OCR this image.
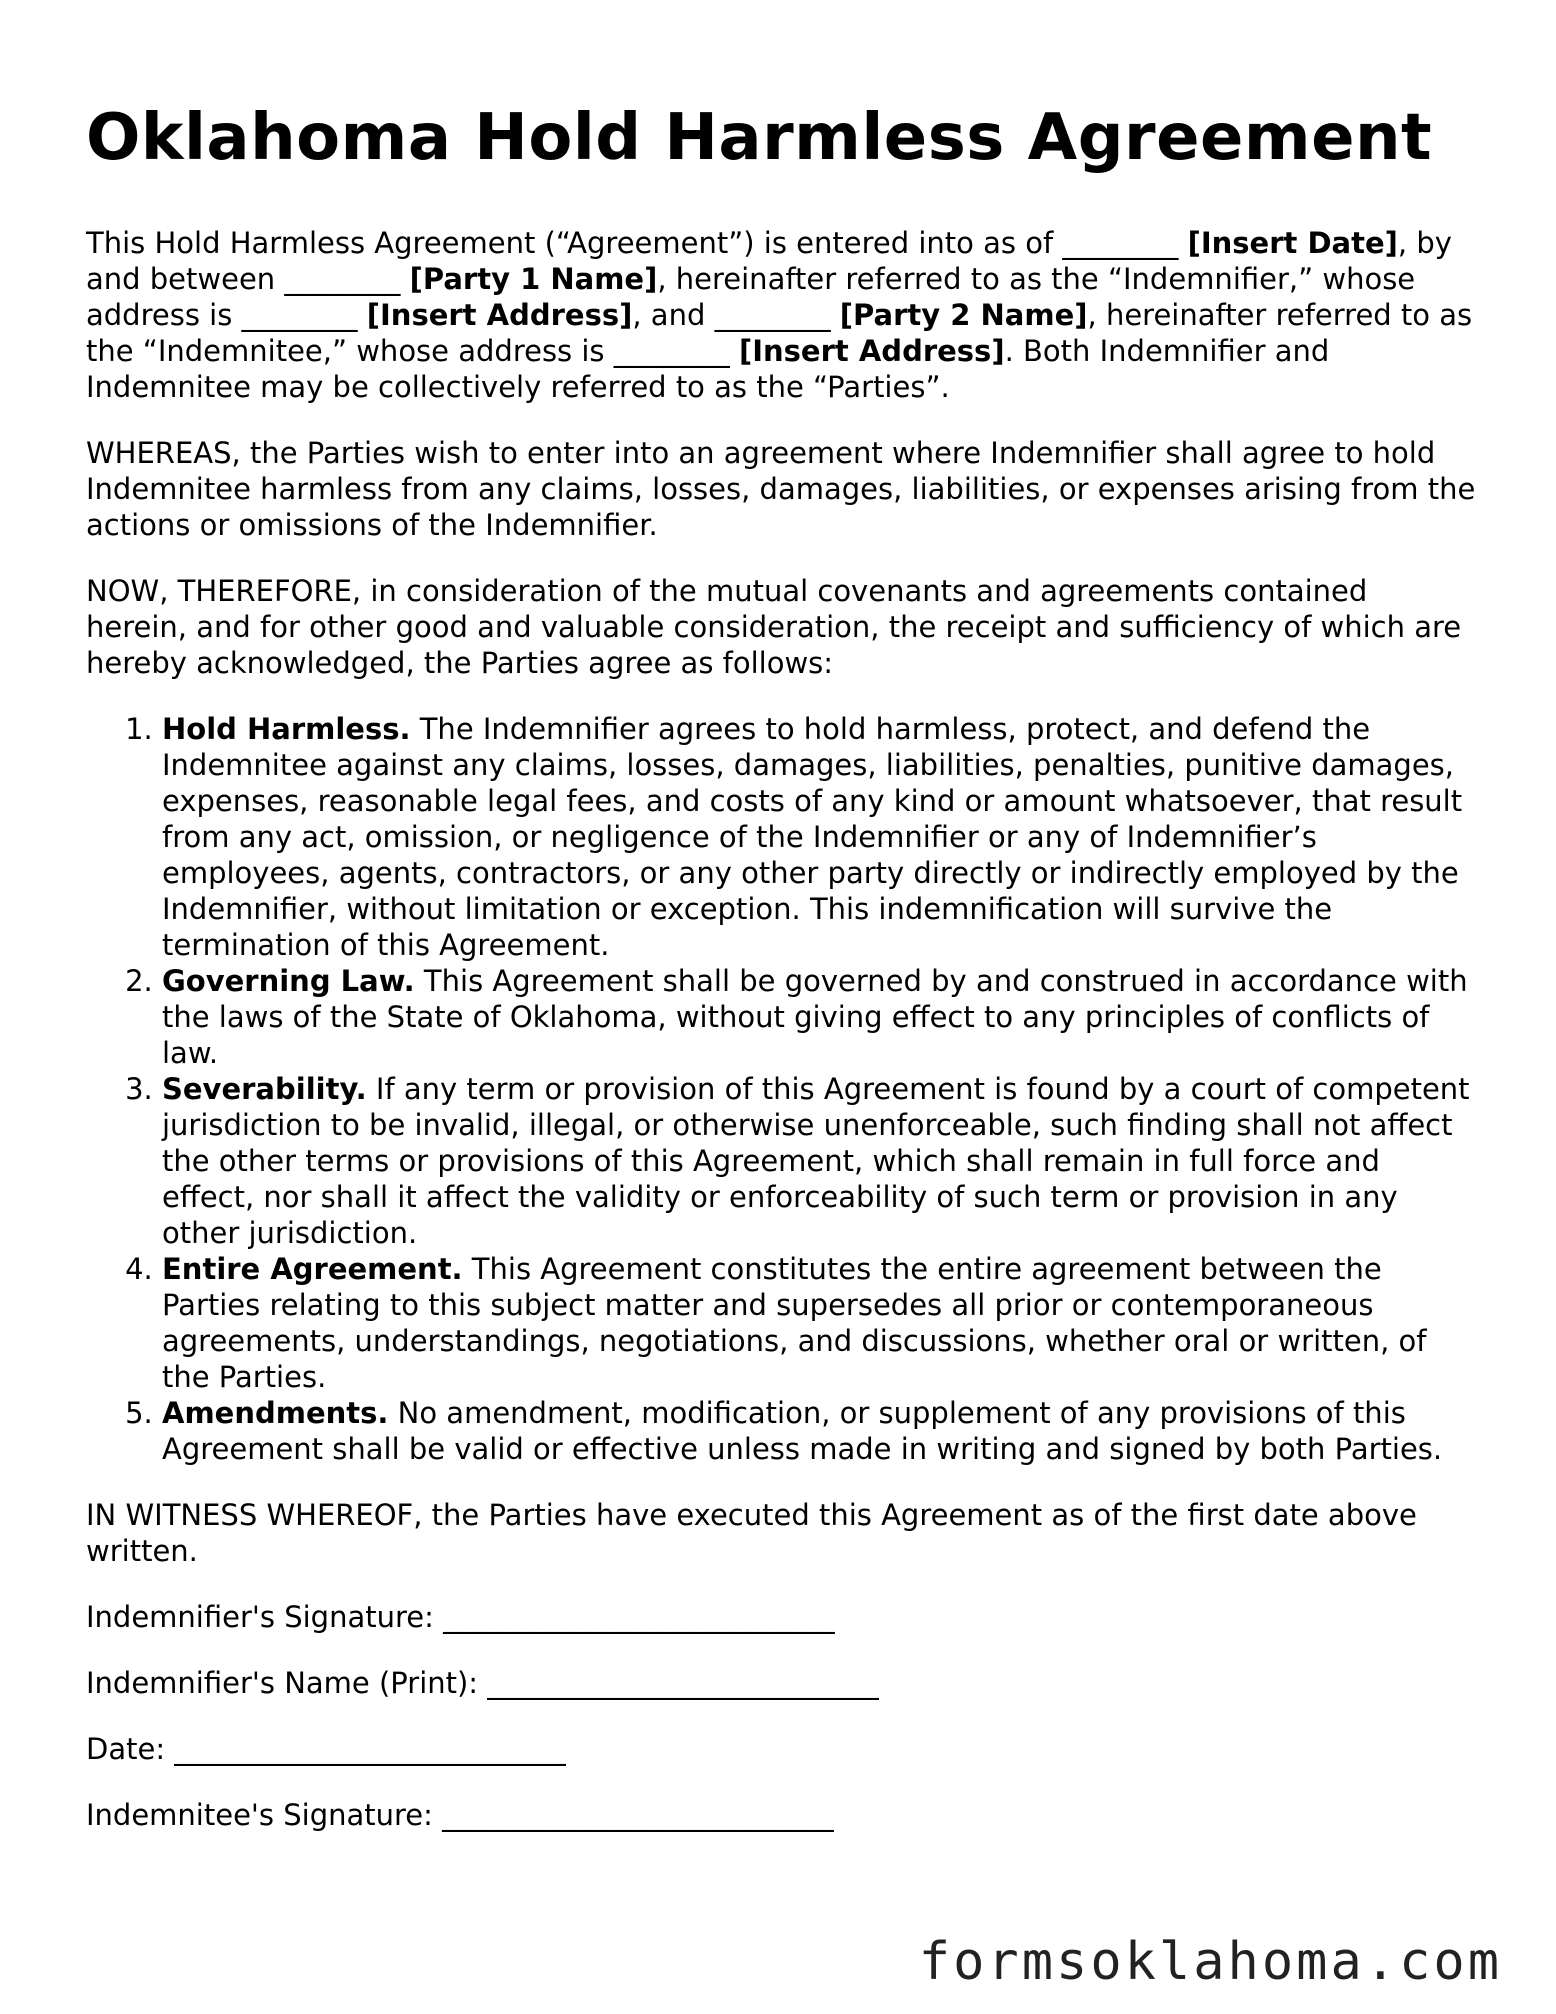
Oklahoma Hold Harmless Agreement

This Hold Harmless Agreement (“Agreement”) is entered into as of ________ [Insert Date], by and between ________ [Party 1 Name], hereinafter referred to as the “Indemnifier,” whose address is ________ [Insert Address], and ________ [Party 2 Name], hereinafter referred to as the “Indemnitee,” whose address is ________ [Insert Address]. Both Indemnifier and Indemnitee may be collectively referred to as the “Parties”.

WHEREAS, the Parties wish to enter into an agreement where Indemnifier shall agree to hold Indemnitee harmless from any claims, losses, damages, liabilities, or expenses arising from the actions or omissions of the Indemnifier.

NOW, THEREFORE, in consideration of the mutual covenants and agreements contained herein, and for other good and valuable consideration, the receipt and sufficiency of which are hereby acknowledged, the Parties agree as follows:

1. Hold Harmless. The Indemnifier agrees to hold harmless, protect, and defend the Indemnitee against any claims, losses, damages, liabilities, penalties, punitive damages, expenses, reasonable legal fees, and costs of any kind or amount whatsoever, that result from any act, omission, or negligence of the Indemnifier or any of Indemnifier’s employees, agents, contractors, or any other party directly or indirectly employed by the Indemnifier, without limitation or exception. This indemnification will survive the termination of this Agreement.
2. Governing Law. This Agreement shall be governed by and construed in accordance with the laws of the State of Oklahoma, without giving effect to any principles of conflicts of law.
3. Severability. If any term or provision of this Agreement is found by a court of competent jurisdiction to be invalid, illegal, or otherwise unenforceable, such finding shall not affect the other terms or provisions of this Agreement, which shall remain in full force and effect, nor shall it affect the validity or enforceability of such term or provision in any other jurisdiction.
4. Entire Agreement. This Agreement constitutes the entire agreement between the Parties relating to this subject matter and supersedes all prior or contemporaneous agreements, understandings, negotiations, and discussions, whether oral or written, of the Parties.
5. Amendments. No amendment, modification, or supplement of any provisions of this Agreement shall be valid or effective unless made in writing and signed by both Parties.

IN WITNESS WHEREOF, the Parties have executed this Agreement as of the first date above written.

Indemnifier's Signature: ___________________________
Indemnifier's Name (Print): ___________________________
Date: ___________________________
Indemnitee's Signature: ___________________________
formsoklahoma.com
